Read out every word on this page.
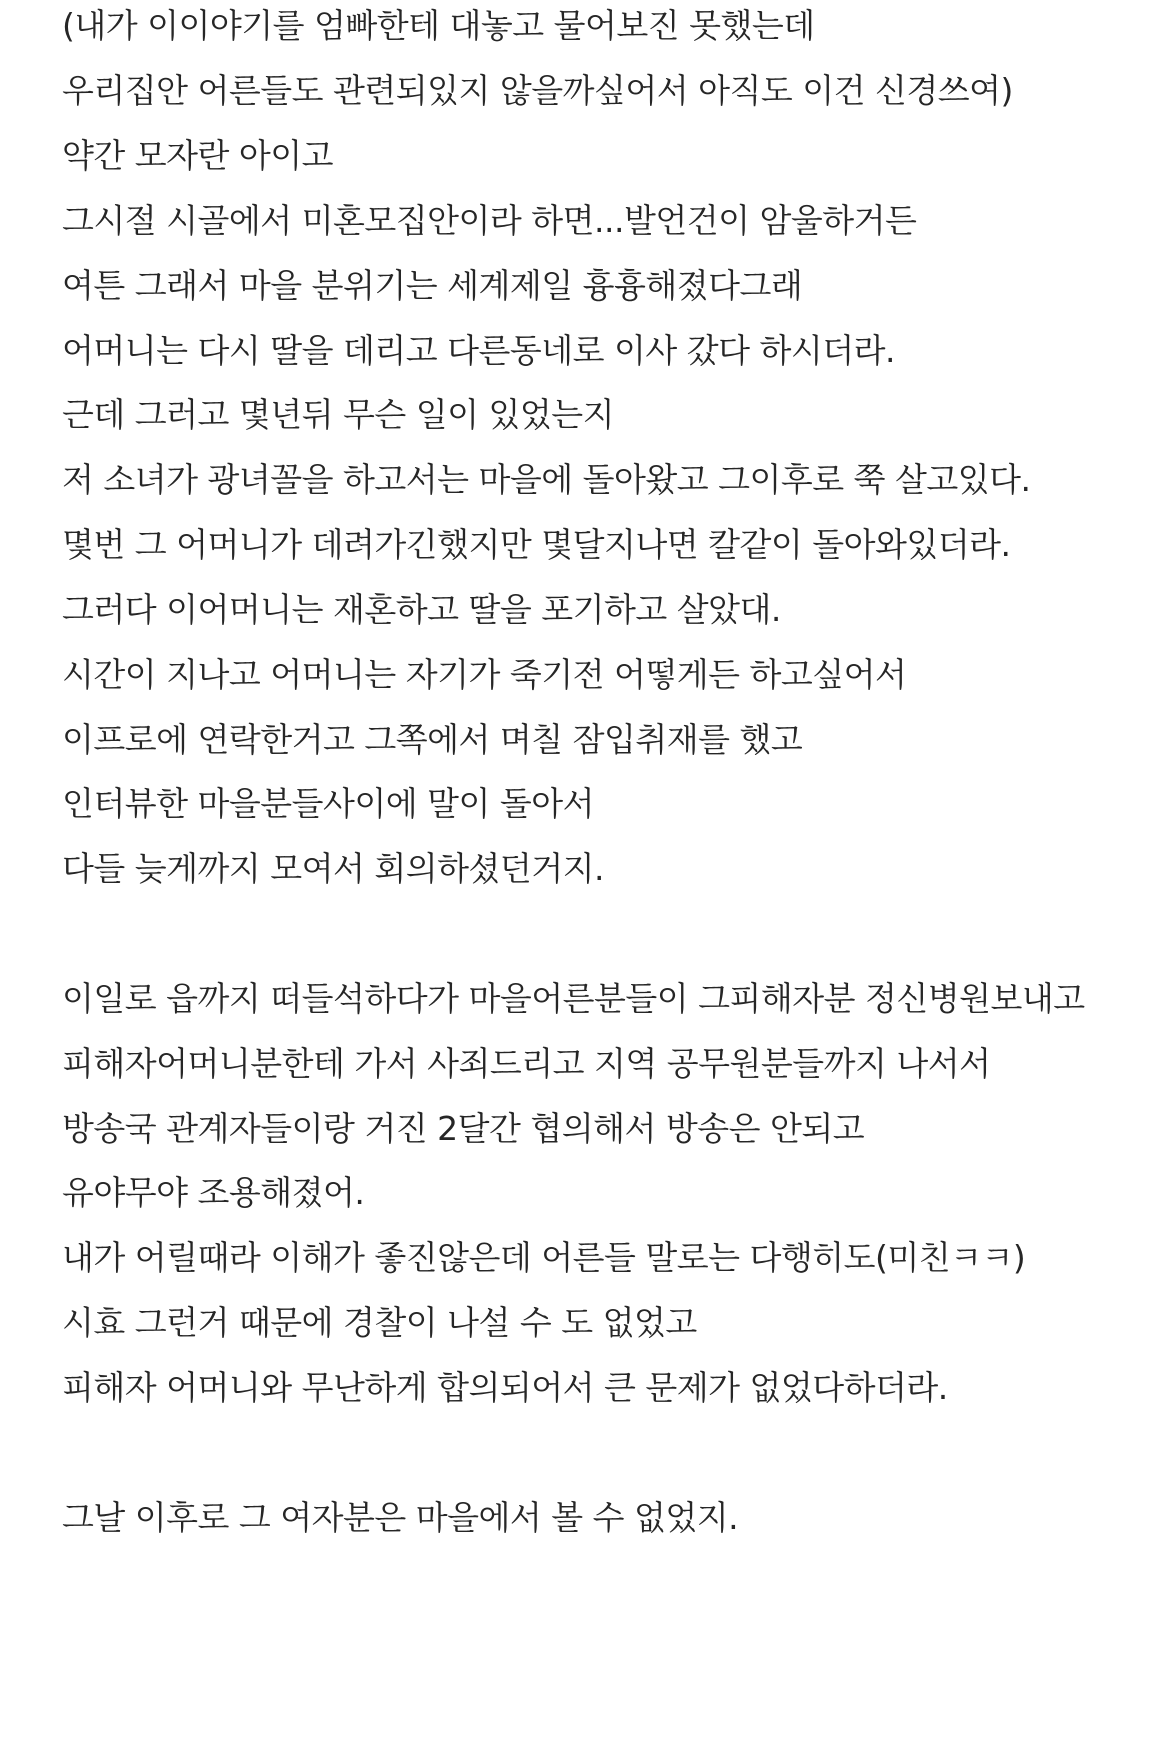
(내가 이이야기를 엄빠한테 대놓고 물어보진 못했는데
우리집안 어른들도 관련되있지 않을까싶어서 아직도 이건 신경쓰여)
약간 모자란 아이고
그시절 시골에서 미혼모집안이라 하면...발언건이 암울하거든
여튼 그래서 마을 분위기는 세계제일 흉흉해졌다그래
어머니는 다시 딸을 데리고 다른동네로 이사 갔다 하시더라.
근데 그러고 몇년뒤 무슨 일이 있었는지
저 소녀가 광녀꼴을 하고서는 마을에 돌아왔고 그이후로 쭉 살고있다.
몇번 그 어머니가 데려가긴했지만 몇달지나면 칼같이 돌아와있더라.
그러다 이어머니는 재혼하고 딸을 포기하고 살았대.
시간이 지나고 어머니는 자기가 죽기전 어떻게든 하고싶어서
이프로에 연락한거고 그쪽에서 며칠 잠입취재를 했고
인터뷰한 마을분들사이에 말이 돌아서
다들 늦게까지 모여서 회의하셨던거지.
이일로 읍까지 떠들석하다가 마을어른분들이 그피해자분 정신병원보내고
피해자어머니분한테 가서 사죄드리고 지역 공무원분들까지 나서서
방송국 관계자들이랑 거진 2달간 협의해서 방송은 안되고
유야무야 조용해졌어.
내가 어릴때라 이해가 좋진않은데 어른들 말로는 다행히도(미친ㅋㅋ)
시효 그런거 때문에 경찰이 나설 수 도 없었고
피해자 어머니와 무난하게 합의되어서 큰 문제가 없었다하더라.
그날 이후로 그 여자분은 마을에서 볼 수 없었지.
